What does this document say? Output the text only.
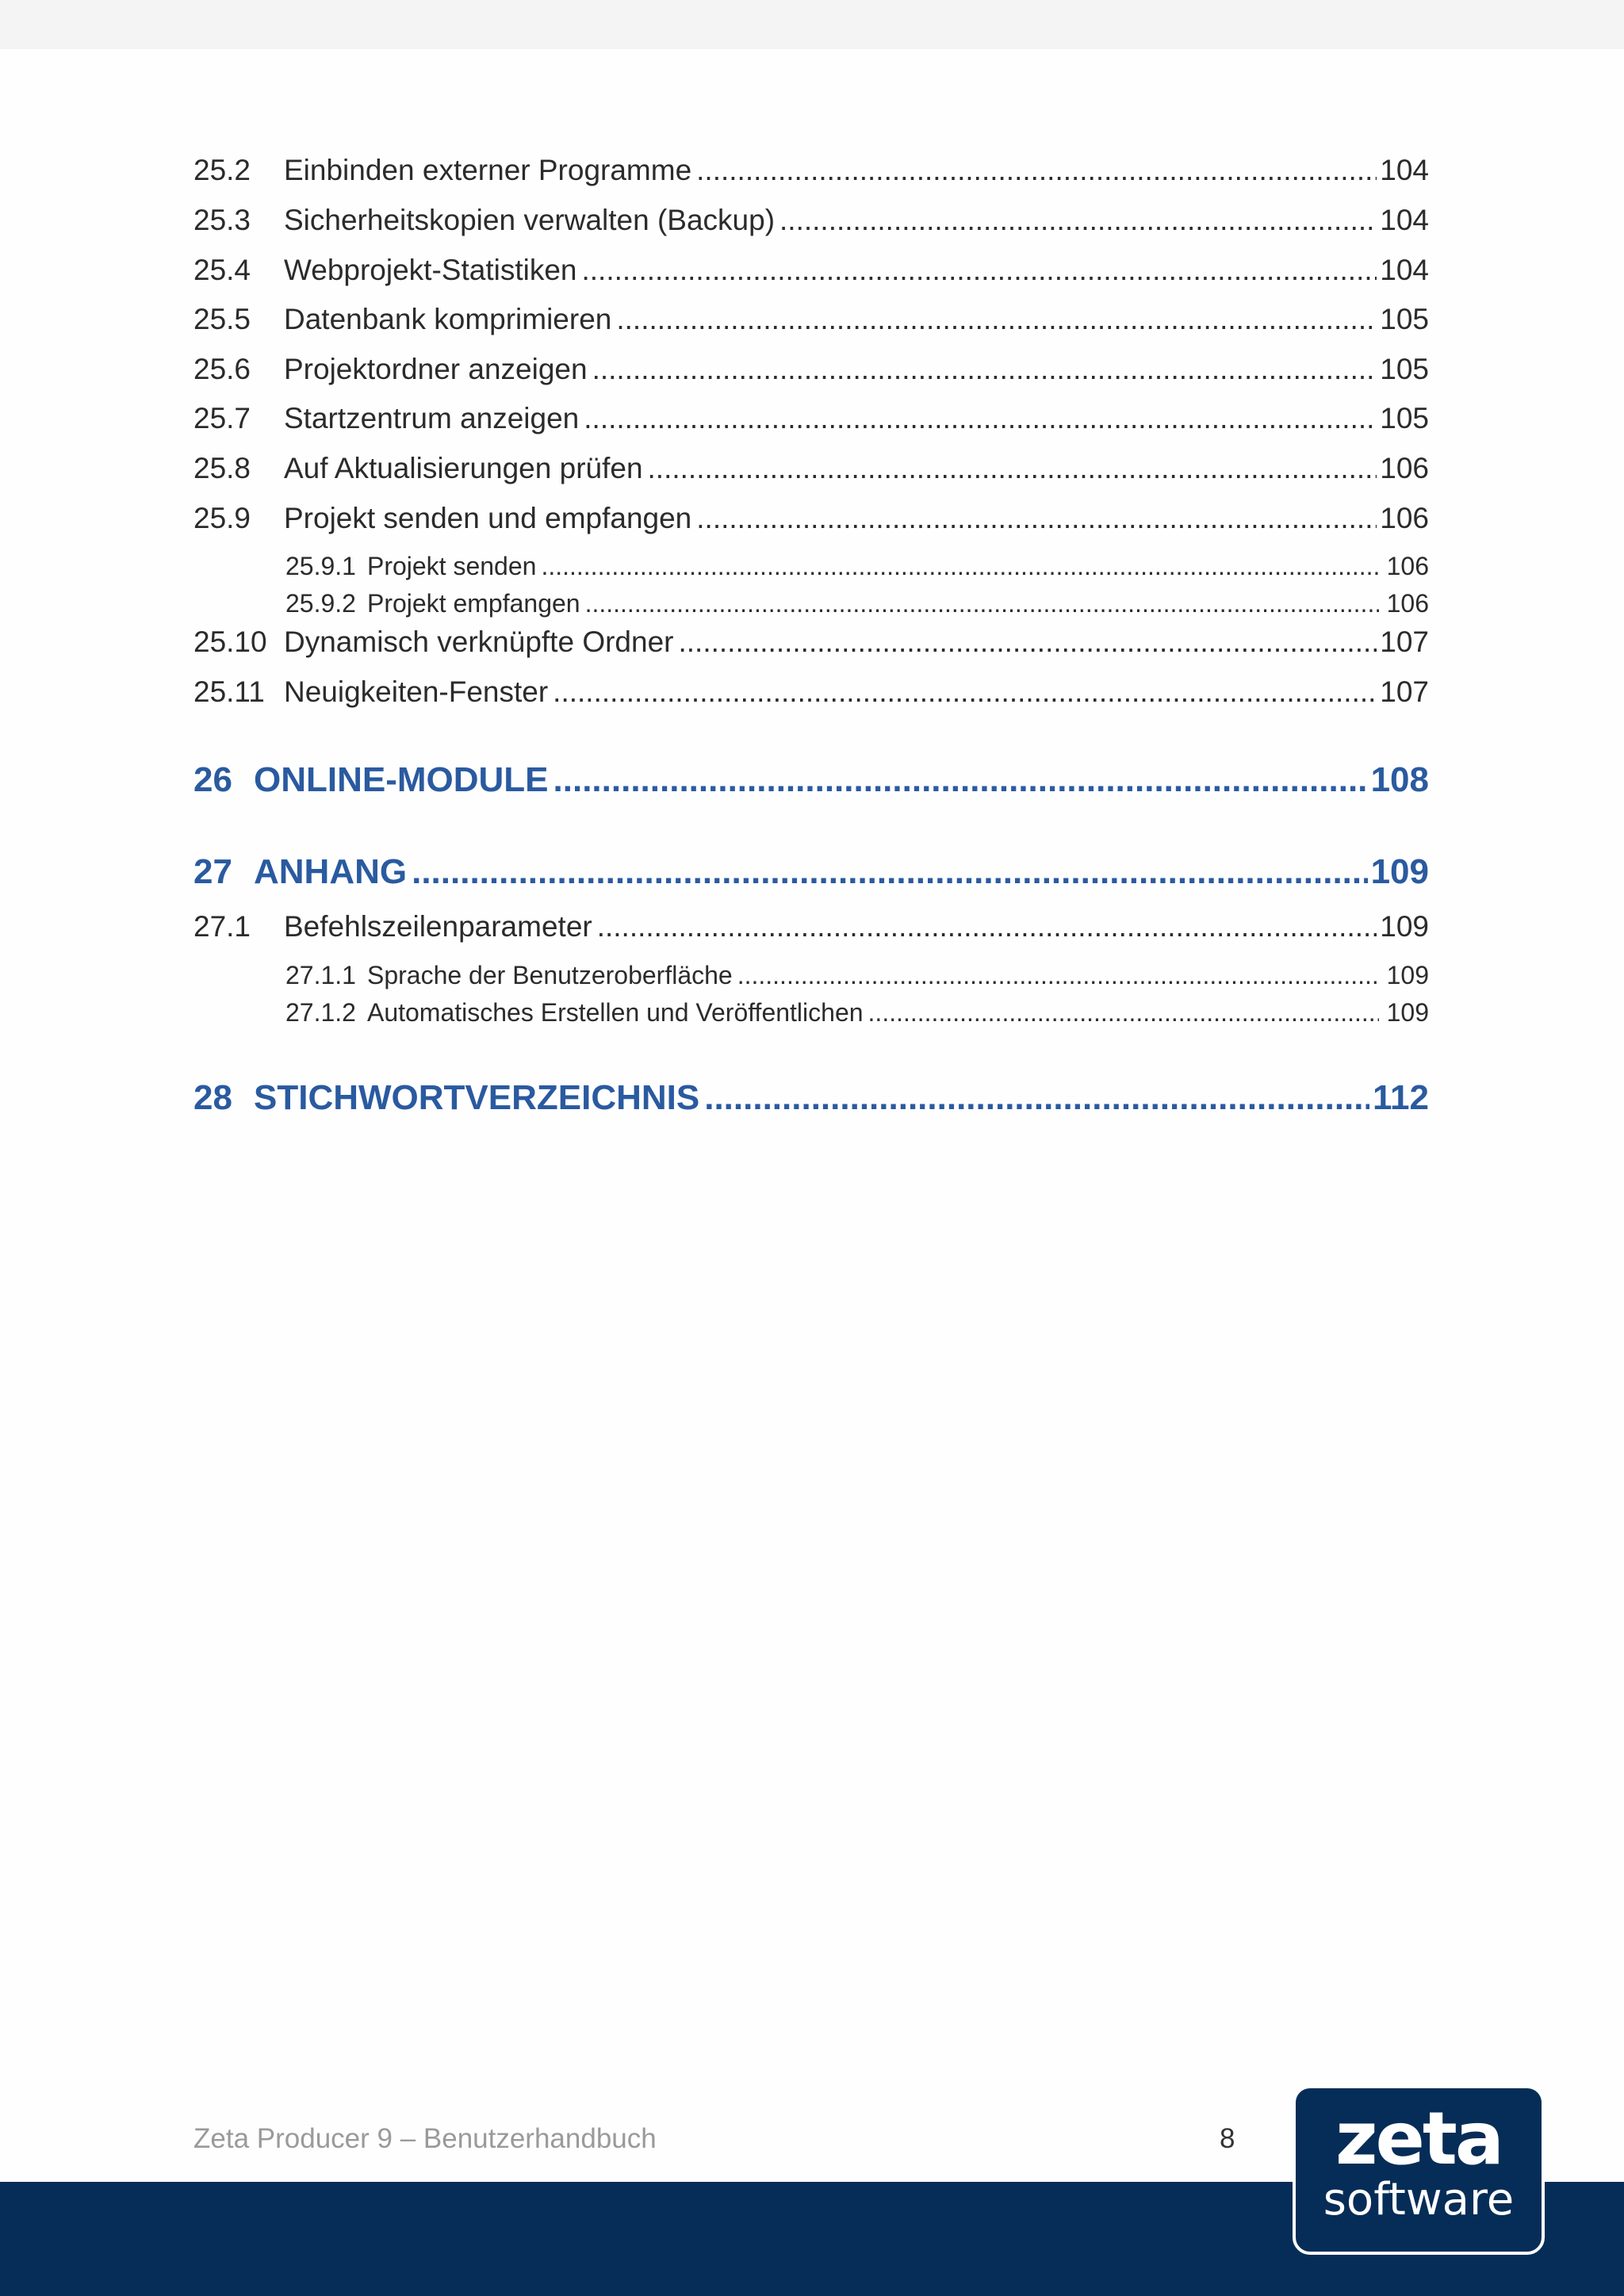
25.2	Einbinden externer Programme .....	104
25.3	Sicherheitskopien verwalten (Backup) .....	104
25.4	Webprojekt-Statistiken .....	104
25.5	Datenbank komprimieren .....	105
25.6	Projektordner anzeigen .....	105
25.7	Startzentrum anzeigen .....	105
25.8	Auf Aktualisierungen prüfen .....	106
25.9	Projekt senden und empfangen .....	106
25.9.1 Projekt senden .....	106
25.9.2 Projekt empfangen .....	106
25.10 Dynamisch verknüpfte Ordner .....	107
25.11 Neuigkeiten-Fenster .....	107
26 ONLINE-MODULE .....	108
27 ANHANG .....	109
27.1	Befehlszeilenparameter .....	109
27.1.1 Sprache der Benutzeroberfläche .....	109
27.1.2 Automatisches Erstellen und Veröffentlichen .....	109
28 STICHWORTVERZEICHNIS .....	112
Zeta Producer 9 – Benutzerhandbuch	8	zeta
software
